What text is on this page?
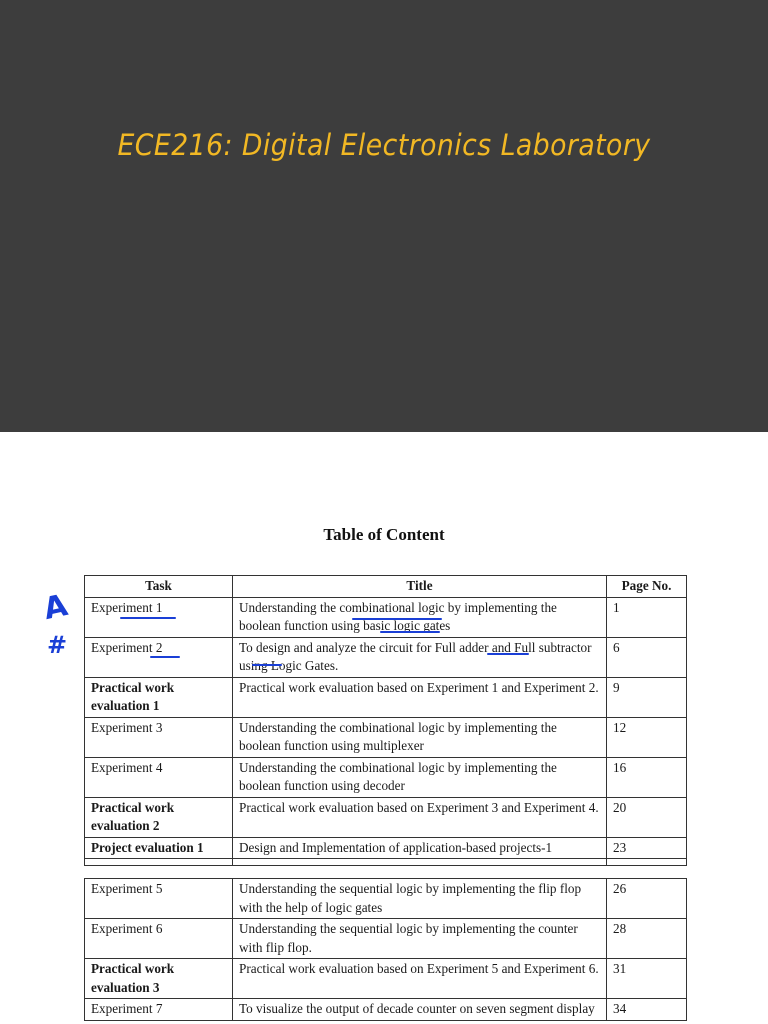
ECE216: Digital Electronics Laboratory
Table of Content
Task	Title	Page No.
Experiment 1	Understanding the combinational logic by implementing the boolean function using basic logic gates	1
Experiment 2	To design and analyze the circuit for Full adder and Full subtractor using Logic Gates.	6
Practical work evaluation 1	Practical work evaluation based on Experiment 1 and Experiment 2.	9
Experiment 3	Understanding the combinational logic by implementing the boolean function using multiplexer	12
Experiment 4	Understanding the combinational logic by implementing the boolean function using decoder	16
Practical work evaluation 2	Practical work evaluation based on Experiment 3 and Experiment 4.	20
Project evaluation 1	Design and Implementation of application-based projects-1	23

Experiment 5	Understanding the sequential logic by implementing the flip flop with the help of logic gates	26
Experiment 6	Understanding the sequential logic by implementing the counter with flip flop.	28
Practical work evaluation 3	Practical work evaluation based on Experiment 5 and Experiment 6.	31
Experiment 7	To visualize the output of decade counter on seven segment display	34
A
#
